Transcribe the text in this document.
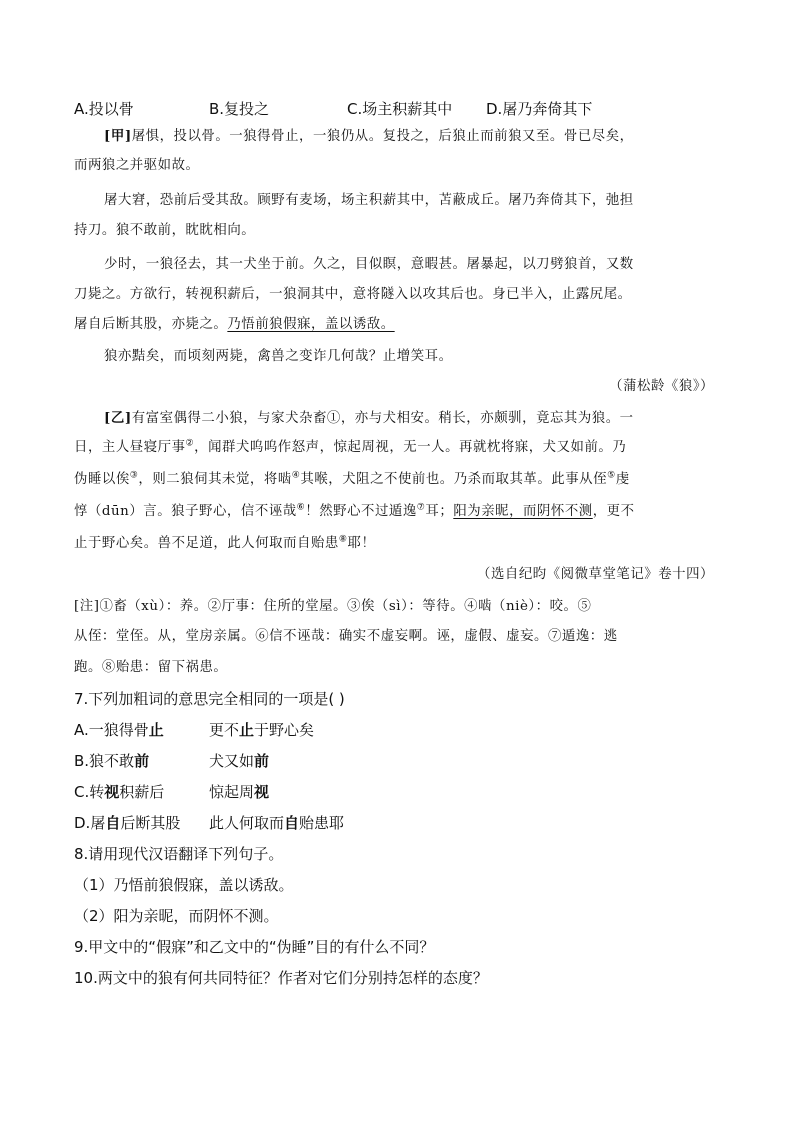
A.投以骨	B.复投之	C.场主积薪其中 D.屠乃奔倚其下
[甲]屠惧，投以骨。一狼得骨止，一狼仍从。复投之，后狼止而前狼又至。骨已尽矣，
而两狼之并驱如故。
屠大窘，恐前后受其敌。顾野有麦场，场主积薪其中，苫蔽成丘。屠乃奔倚其下，弛担
持刀。狼不敢前，眈眈相向。
少时，一狼径去，其一犬坐于前。久之，目似瞑，意暇甚。屠暴起，以刀劈狼首，又数
刀毙之。方欲行，转视积薪后，一狼洞其中，意将隧入以攻其后也。身已半入，止露尻尾。
屠自后断其股，亦毙之。乃悟前狼假寐，盖以诱敌。
狼亦黠矣，而顷刻两毙，禽兽之变诈几何哉？止增笑耳。
（蒲松龄《狼》）
[乙]有富室偶得二小狼，与家犬杂畜①，亦与犬相安。稍长，亦颇驯，竟忘其为狼。一
日，主人昼寝厅事②，闻群犬呜呜作怒声，惊起周视，无一人。再就枕将寐，犬又如前。乃
伪睡以俟③，则二狼伺其未觉，将啮④其喉，犬阻之不使前也。乃杀而取其革。此事从侄⑤虔
惇（dūn）言。狼子野心，信不诬哉⑥！然野心不过遁逸⑦耳；阳为亲昵，而阴怀不测，更不
止于野心矣。兽不足道，此人何取而自贻患⑧耶！
（选自纪昀《阅微草堂笔记》卷十四）
[注]①畜（xù）：养。②厅事：住所的堂屋。③俟（sì）：等待。④啮（niè）：咬。⑤
从侄：堂侄。从，堂房亲属。⑥信不诬哉：确实不虚妄啊。诬，虚假、虚妄。⑦遁逸：逃
跑。⑧贻患：留下祸患。
7.下列加粗词的意思完全相同的一项是( )
A.一狼得骨止	更不止于野心矣
B.狼不敢前	犬又如前
C.转视积薪后	惊起周视
D.屠自后断其股 此人何取而自贻患耶
8.请用现代汉语翻译下列句子。
（1）乃悟前狼假寐，盖以诱敌。
（2）阳为亲昵，而阴怀不测。
9.甲文中的“假寐”和乙文中的“伪睡”目的有什么不同？
10.两文中的狼有何共同特征？作者对它们分别持怎样的态度？
